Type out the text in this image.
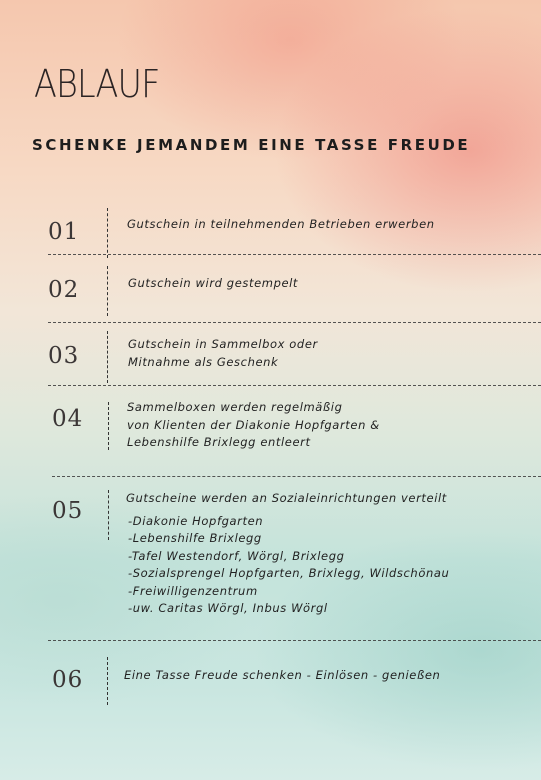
ABLAUF
SCHENKE JEMANDEM EINE TASSE FREUDE
01	Gutschein in teilnehmenden Betrieben erwerben
02	Gutschein wird gestempelt
03	Gutschein in Sammelbox oder
Mitnahme als Geschenk
04	Sammelboxen werden regelmäßig
von Klienten der Diakonie Hopfgarten &
Lebenshilfe Brixlegg entleert
05	Gutscheine werden an Sozialeinrichtungen verteilt
-Diakonie Hopfgarten
-Lebenshilfe Brixlegg
-Tafel Westendorf, Wörgl, Brixlegg
-Sozialsprengel Hopfgarten, Brixlegg, Wildschönau
-Freiwilligenzentrum
-uw. Caritas Wörgl, Inbus Wörgl
06	Eine Tasse Freude schenken - Einlösen - genießen
